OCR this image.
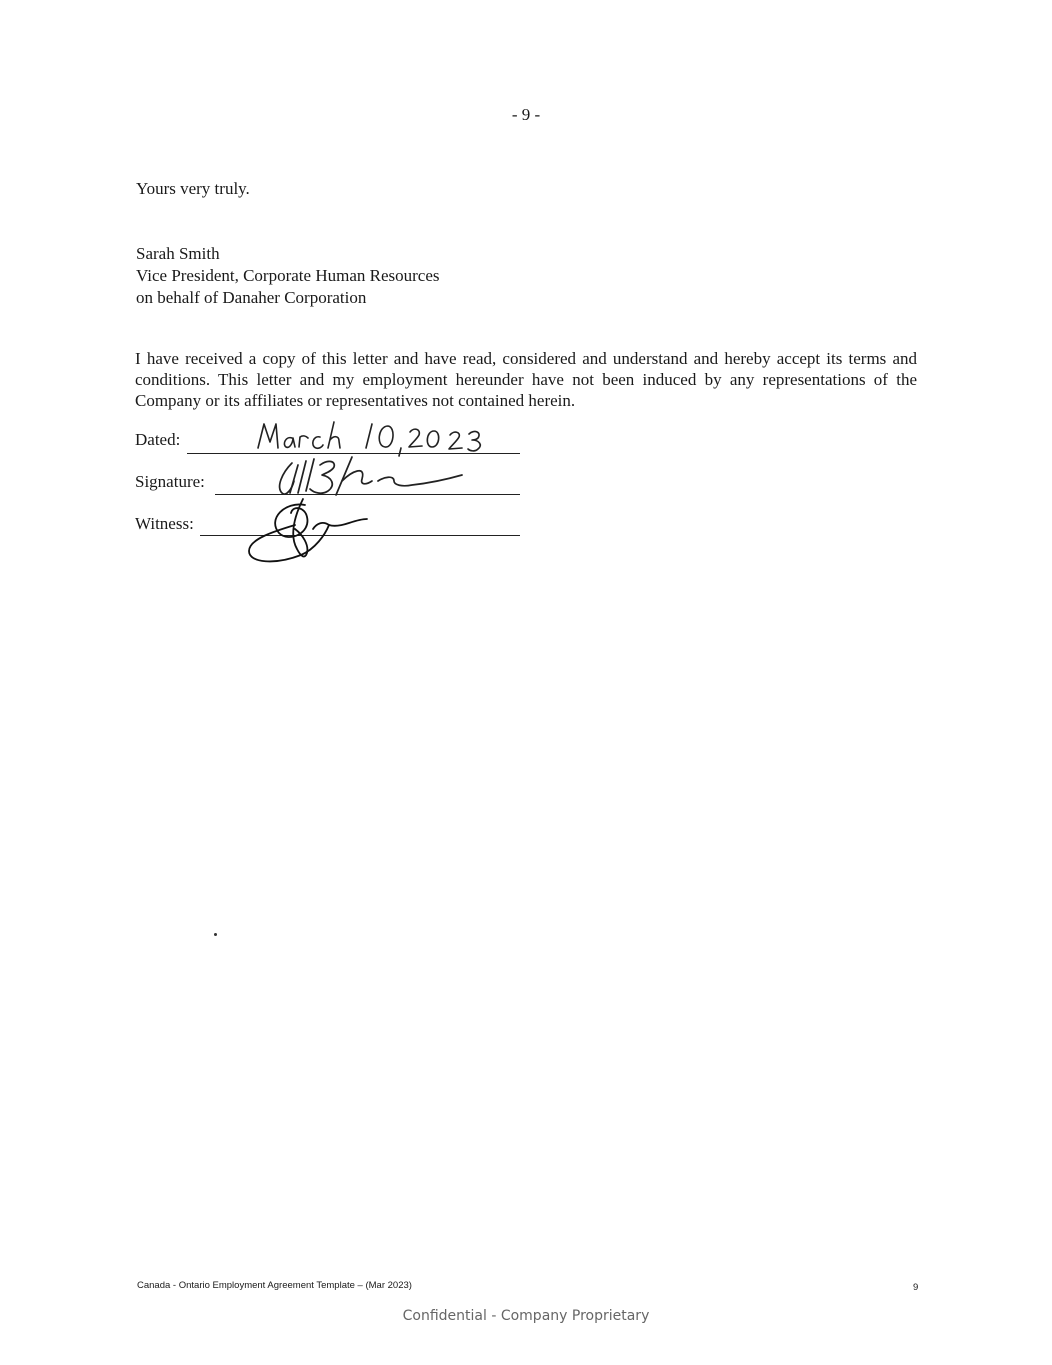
- 9 -
Yours very truly.
Sarah Smith
Vice President, Corporate Human Resources
on behalf of Danaher Corporation
I have received a copy of this letter and have read, considered and understand and hereby accept its terms and conditions. This letter and my employment hereunder have not been induced by any representations of the Company or its affiliates or representatives not contained herein.
Dated:
Signature:
Witness:
Canada - Ontario Employment Agreement Template – (Mar 2023)	9
Confidential - Company Proprietary
